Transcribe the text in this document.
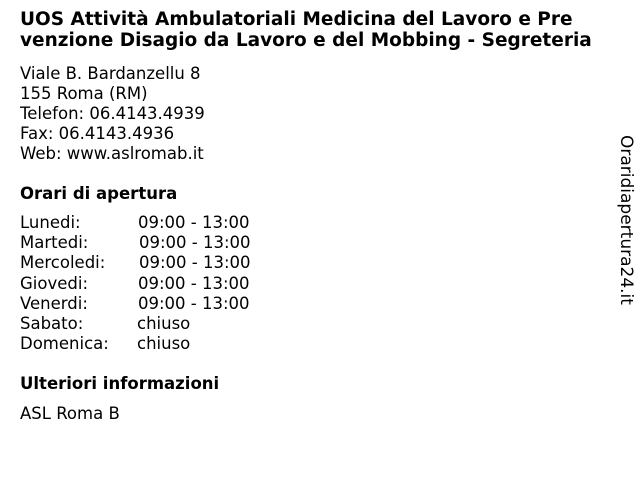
UOS Attività Ambulatoriali Medicina del Lavoro e Pre
venzione Disagio da Lavoro e del Mobbing - Segreteria
Viale B. Bardanzellu 8
155 Roma (RM)
Telefon: 06.4143.4939
Fax: 06.4143.4936
Web: www.aslromab.it
Orari di apertura
Lunedi:	09:00 - 13:00
Martedi:	09:00 - 13:00
Mercoledi: 09:00 - 13:00
Giovedi:	09:00 - 13:00
Venerdi:	09:00 - 13:00
Sabato:	chiuso
Domenica: chiuso
Ulteriori informazioni
ASL Roma B
Oraridiapertura24.it
